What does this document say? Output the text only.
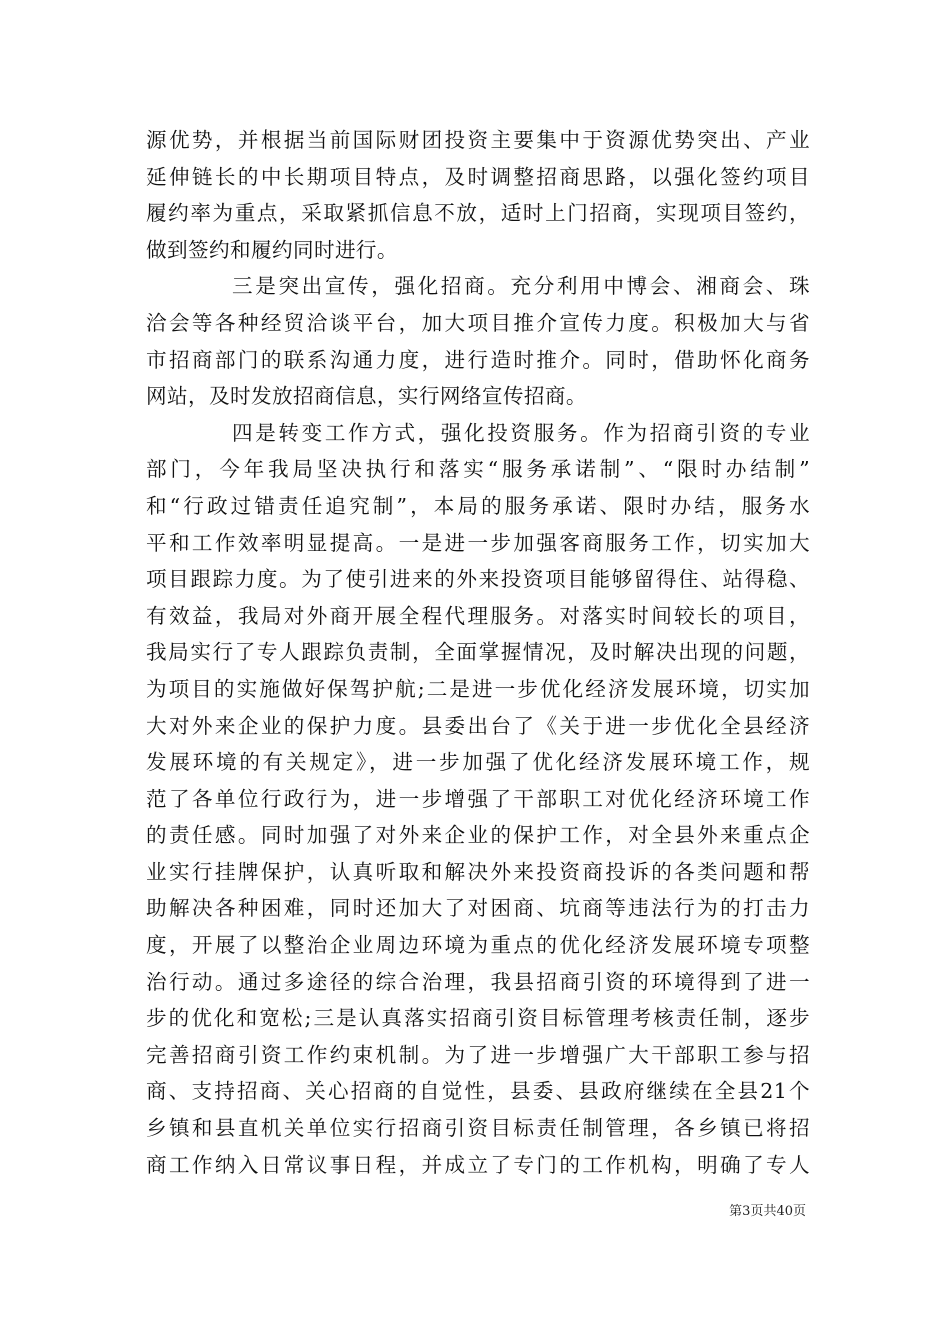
源优势，并根据当前国际财团投资主要集中于资源优势突出、产业
延伸链长的中长期项目特点，及时调整招商思路，以强化签约项目
履约率为重点，采取紧抓信息不放，适时上门招商，实现项目签约，
做到签约和履约同时进行。
三是突出宣传，强化招商。充分利用中博会、湘商会、珠
洽会等各种经贸洽谈平台，加大项目推介宣传力度。积极加大与省
市招商部门的联系沟通力度，进行造时推介。同时，借助怀化商务
网站，及时发放招商信息，实行网络宣传招商。
四是转变工作方式，强化投资服务。作为招商引资的专业
部门，今年我局坚决执行和落实“服务承诺制”、“限时办结制”
和“行政过错责任追究制”，本局的服务承诺、限时办结，服务水
平和工作效率明显提高。一是进一步加强客商服务工作，切实加大
项目跟踪力度。为了使引进来的外来投资项目能够留得住、站得稳、
有效益，我局对外商开展全程代理服务。对落实时间较长的项目，
我局实行了专人跟踪负责制，全面掌握情况，及时解决出现的问题，
为项目的实施做好保驾护航;二是进一步优化经济发展环境，切实加
大对外来企业的保护力度。县委出台了《关于进一步优化全县经济
发展环境的有关规定》，进一步加强了优化经济发展环境工作，规
范了各单位行政行为，进一步增强了干部职工对优化经济环境工作
的责任感。同时加强了对外来企业的保护工作，对全县外来重点企
业实行挂牌保护，认真听取和解决外来投资商投诉的各类问题和帮
助解决各种困难，同时还加大了对困商、坑商等违法行为的打击力
度，开展了以整治企业周边环境为重点的优化经济发展环境专项整
治行动。通过多途径的综合治理，我县招商引资的环境得到了进一
步的优化和宽松;三是认真落实招商引资目标管理考核责任制，逐步
完善招商引资工作约束机制。为了进一步增强广大干部职工参与招
商、支持招商、关心招商的自觉性，县委、县政府继续在全县21个
乡镇和县直机关单位实行招商引资目标责任制管理，各乡镇已将招
商工作纳入日常议事日程，并成立了专门的工作机构，明确了专人
第3页共40页
